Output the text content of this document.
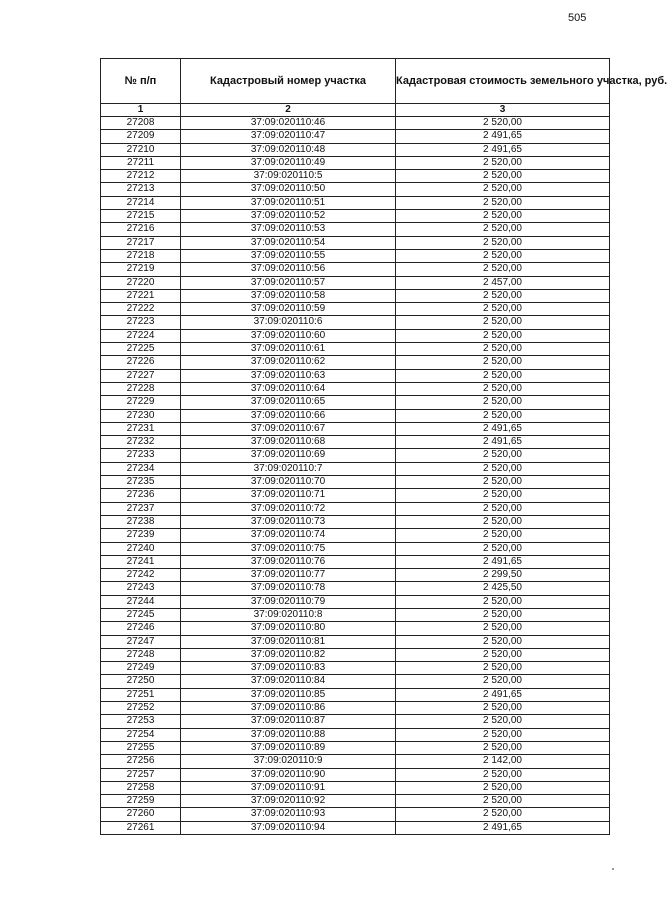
505
№ п/п	Кадастровый номер участка	Кадастровая стоимость земельного участка, руб.
1	2	3
27208	37:09:020110:46	2 520,00
27209	37:09:020110:47	2 491,65
27210	37:09:020110:48	2 491,65
27211	37:09:020110:49	2 520,00
27212	37:09:020110:5	2 520,00
27213	37:09:020110:50	2 520,00
27214	37:09:020110:51	2 520,00
27215	37:09:020110:52	2 520,00
27216	37:09:020110:53	2 520,00
27217	37:09:020110:54	2 520,00
27218	37:09:020110:55	2 520,00
27219	37:09:020110:56	2 520,00
27220	37:09:020110:57	2 457,00
27221	37:09:020110:58	2 520,00
27222	37:09:020110:59	2 520,00
27223	37:09:020110:6	2 520,00
27224	37:09:020110:60	2 520,00
27225	37:09:020110:61	2 520,00
27226	37:09:020110:62	2 520,00
27227	37:09:020110:63	2 520,00
27228	37:09:020110:64	2 520,00
27229	37:09:020110:65	2 520,00
27230	37:09:020110:66	2 520,00
27231	37:09:020110:67	2 491,65
27232	37:09:020110:68	2 491,65
27233	37:09:020110:69	2 520,00
27234	37:09:020110:7	2 520,00
27235	37:09:020110:70	2 520,00
27236	37:09:020110:71	2 520,00
27237	37:09:020110:72	2 520,00
27238	37:09:020110:73	2 520,00
27239	37:09:020110:74	2 520,00
27240	37:09:020110:75	2 520,00
27241	37:09:020110:76	2 491,65
27242	37:09:020110:77	2 299,50
27243	37:09:020110:78	2 425,50
27244	37:09:020110:79	2 520,00
27245	37:09:020110:8	2 520,00
27246	37:09:020110:80	2 520,00
27247	37:09:020110:81	2 520,00
27248	37:09:020110:82	2 520,00
27249	37:09:020110:83	2 520,00
27250	37:09:020110:84	2 520,00
27251	37:09:020110:85	2 491,65
27252	37:09:020110:86	2 520,00
27253	37:09:020110:87	2 520,00
27254	37:09:020110:88	2 520,00
27255	37:09:020110:89	2 520,00
27256	37:09:020110:9	2 142,00
27257	37:09:020110:90	2 520,00
27258	37:09:020110:91	2 520,00
27259	37:09:020110:92	2 520,00
27260	37:09:020110:93	2 520,00
27261	37:09:020110:94	2 491,65
